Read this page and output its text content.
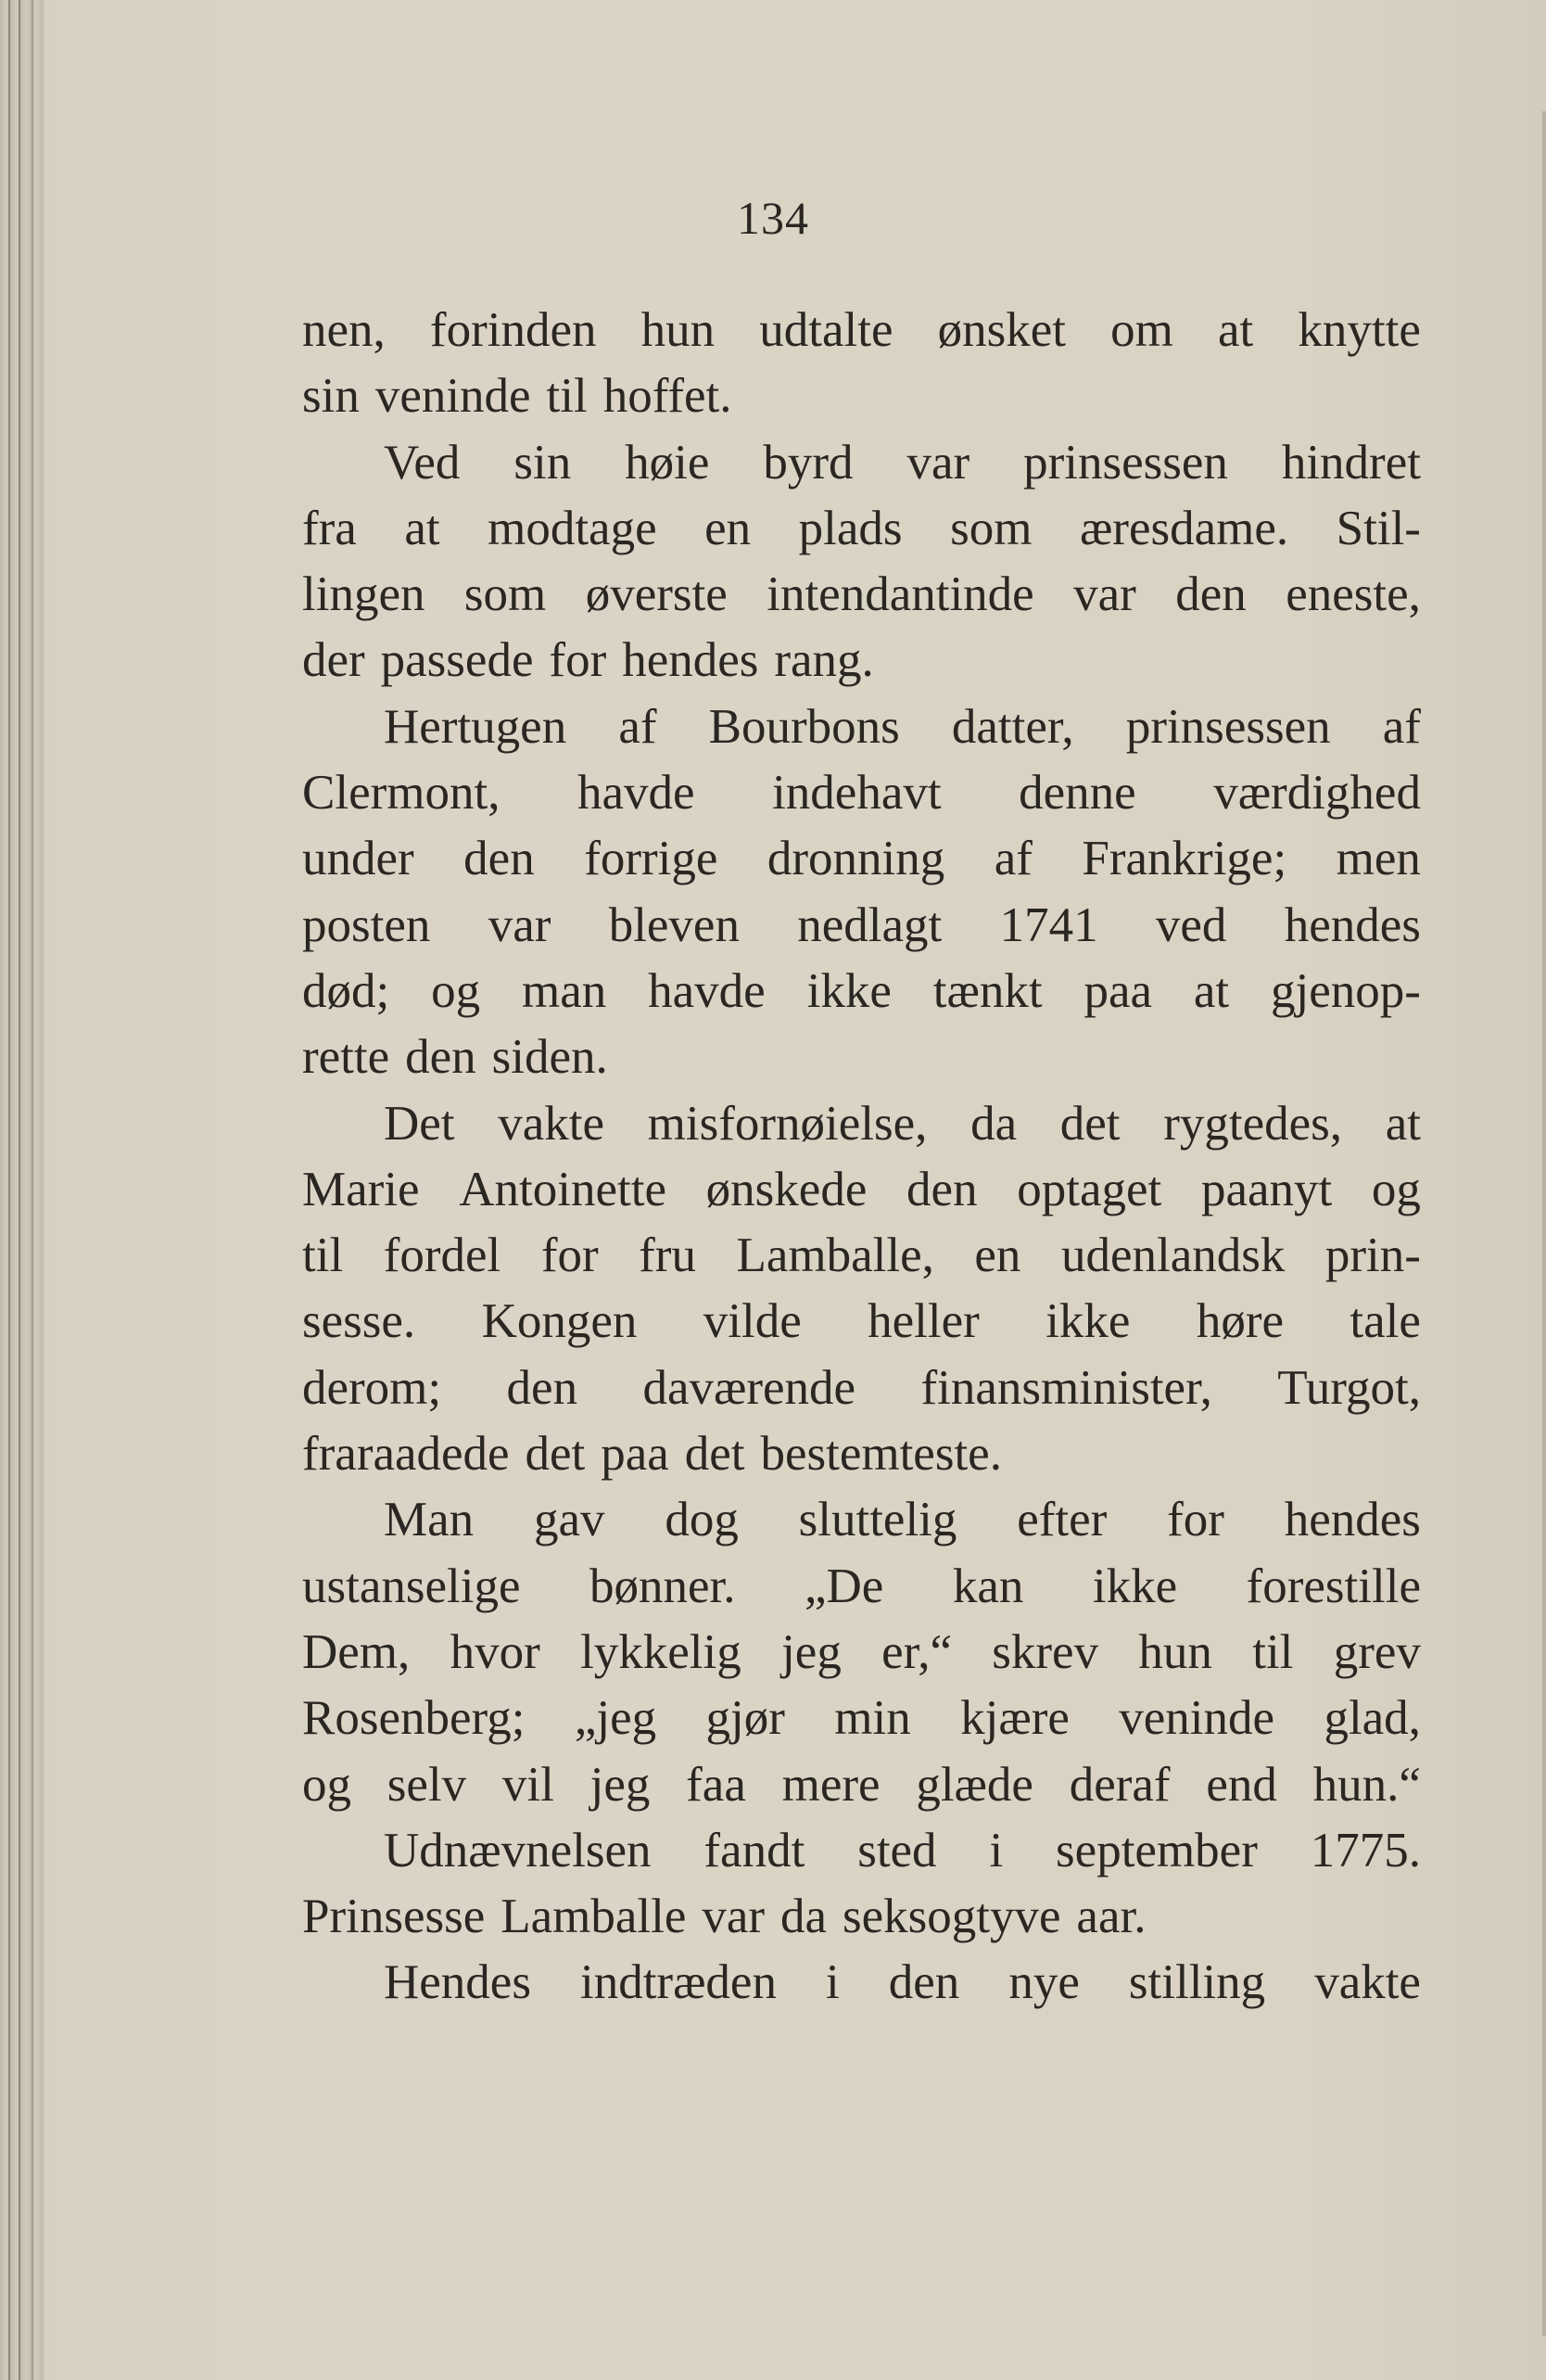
134
nen, forinden hun udtalte ønsket om at knytte
sin veninde til hoffet.
Ved sin høie byrd var prinsessen hindret
fra at modtage en plads som æresdame. Stil-
lingen som øverste intendantinde var den eneste,
der passede for hendes rang.
Hertugen af Bourbons datter, prinsessen af
Clermont, havde indehavt denne værdighed
under den forrige dronning af Frankrige; men
posten var bleven nedlagt 1741 ved hendes
død; og man havde ikke tænkt paa at gjenop-
rette den siden.
Det vakte misfornøielse, da det rygtedes, at
Marie Antoinette ønskede den optaget paanyt og
til fordel for fru Lamballe, en udenlandsk prin-
sesse. Kongen vilde heller ikke høre tale
derom; den daværende finansminister, Turgot,
fraraadede det paa det bestemteste.
Man gav dog sluttelig efter for hendes
ustanselige bønner. „De kan ikke forestille
Dem, hvor lykkelig jeg er,“ skrev hun til grev
Rosenberg; „jeg gjør min kjære veninde glad,
og selv vil jeg faa mere glæde deraf end hun.“
Udnævnelsen fandt sted i september 1775.
Prinsesse Lamballe var da seksogtyve aar.
Hendes indtræden i den nye stilling vakte
